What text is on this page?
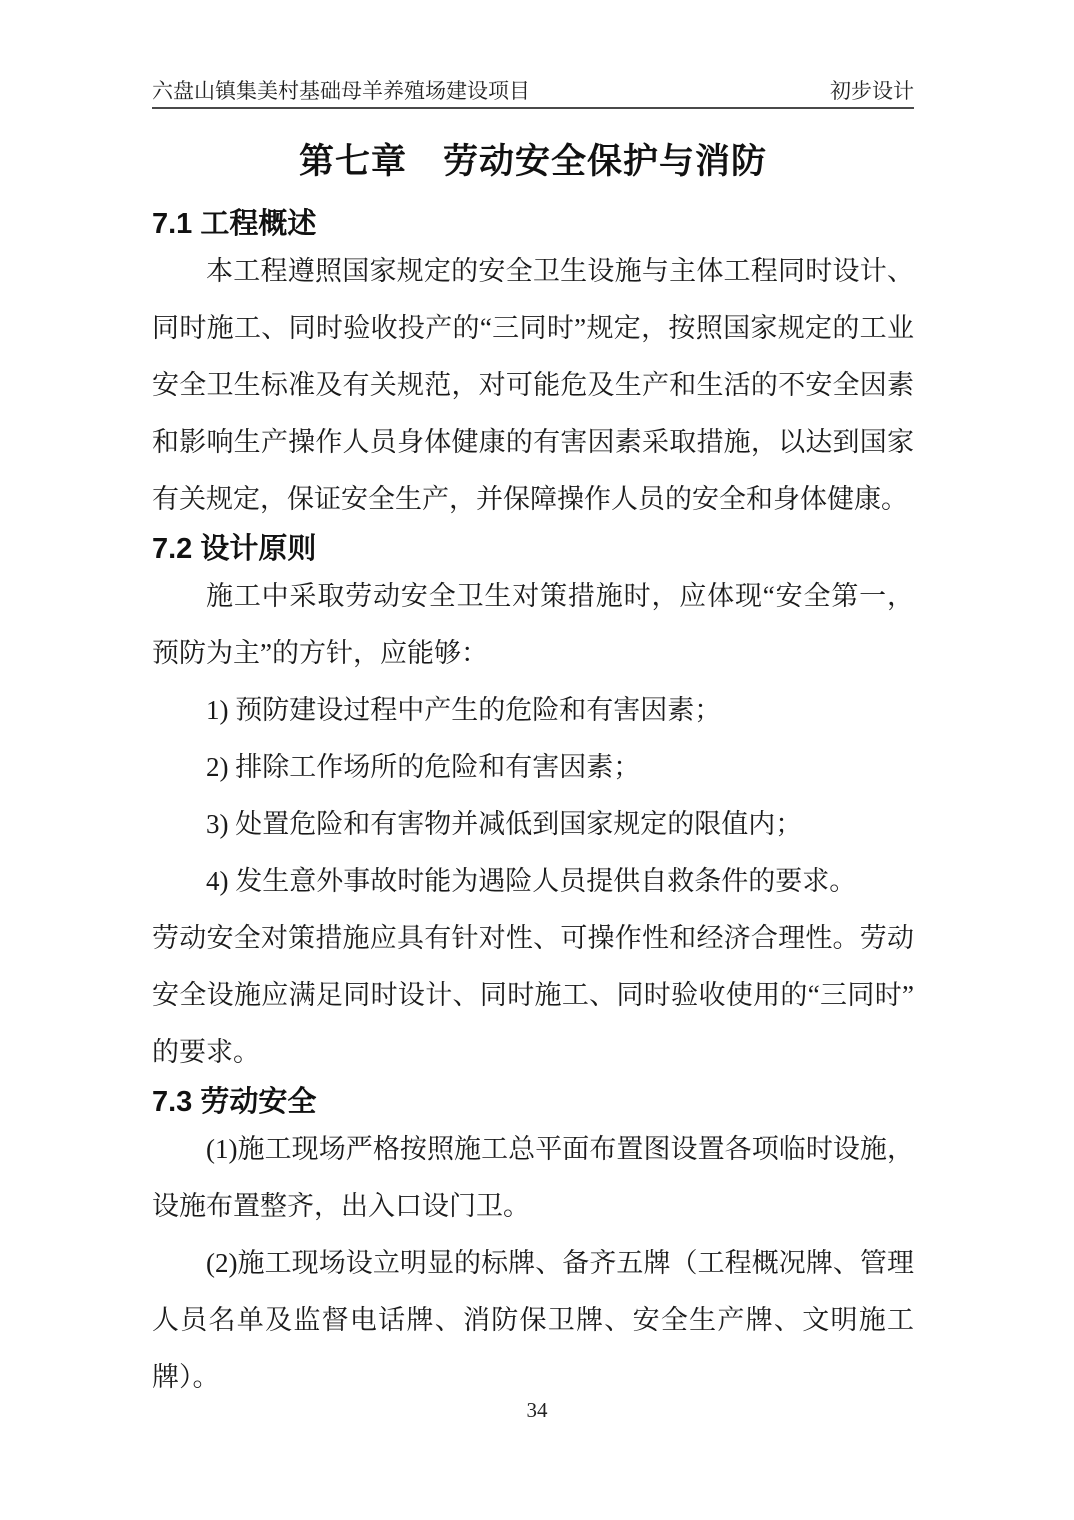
六盘山镇集美村基础母羊养殖场建设项目	初步设计
第七章　劳动安全保护与消防
7.1 工程概述

本工程遵照国家规定的安全卫生设施与主体工程同时设计、同时施工、同时验收投产的“三同时”规定，按照国家规定的工业安全卫生标准及有关规范，对可能危及生产和生活的不安全因素和影响生产操作人员身体健康的有害因素采取措施，以达到国家有关规定，保证安全生产，并保障操作人员的安全和身体健康。

7.2 设计原则

施工中采取劳动安全卫生对策措施时，应体现“安全第一，预防为主”的方针，应能够：

1) 预防建设过程中产生的危险和有害因素；

2) 排除工作场所的危险和有害因素；

3) 处置危险和有害物并减低到国家规定的限值内；

4) 发生意外事故时能为遇险人员提供自救条件的要求。

劳动安全对策措施应具有针对性、可操作性和经济合理性。劳动安全设施应满足同时设计、同时施工、同时验收使用的“三同时”的要求。

7.3 劳动安全

(1)施工现场严格按照施工总平面布置图设置各项临时设施，设施布置整齐，出入口设门卫。

(2)施工现场设立明显的标牌、备齐五牌（工程概况牌、管理人员名单及监督电话牌、消防保卫牌、安全生产牌、文明施工牌）。

34
